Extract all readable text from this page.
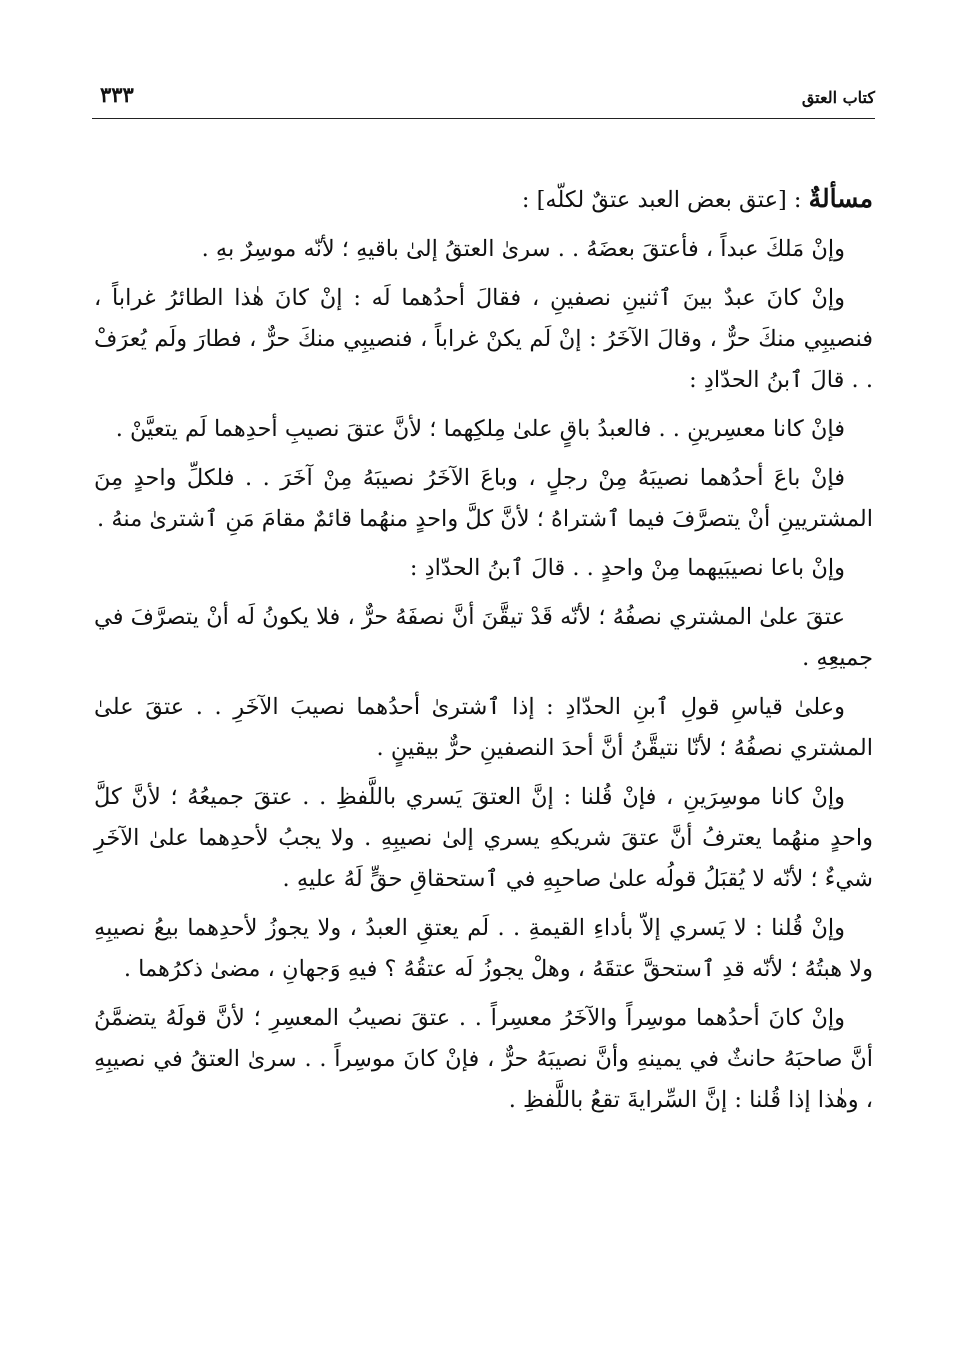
٣٣٣	كتاب العتق

مسألةٌ : [عتق بعض العبد عتقٌ لكلّه] :

وإنْ مَلكَ عبداً ، فأعتقَ بعضَهُ . . سرىٰ العتقُ إلىٰ باقيهِ ؛ لأنّه موسِرٌ بهِ .

وإنْ كانَ عبدٌ بينَ ٱثنينِ نصفينِ ، فقالَ أحدُهما لَه : إنْ كانَ هٰذا الطائرُ غراباً ، فنصيبِي منكَ حرٌّ ، وقالَ الآخَرُ : إنْ لَم يكنْ غراباً ، فنصيبِي منكَ حرٌّ ، فطارَ ولَم يُعرَفْ . . قالَ ٱبنُ الحدّادِ :

فإنْ كانا معسِرينِ . . فالعبدُ باقٍ علىٰ مِلكِهما ؛ لأنَّ عتقَ نصيبِ أحدِهما لَم يتعيَّنْ .

فإنْ باعَ أحدُهما نصيبَهُ مِنْ رجلٍ ، وباعَ الآخَرُ نصيبَهُ مِنْ آخَرَ . . فلكلِّ واحدٍ مِنَ المشتريينِ أنْ يتصرَّفَ فيما ٱشتراهُ ؛ لأنَّ كلَّ واحدٍ منهُما قائمٌ مقامَ مَنِ ٱشترىٰ منهُ .

وإنْ باعا نصيبَيهما مِنْ واحدٍ . . قالَ ٱبنُ الحدّادِ :

عتقَ علىٰ المشتري نصفُهُ ؛ لأنّه قَدْ تيقَّنَ أنَّ نصفَهُ حرٌّ ، فلا يكونُ لَه أنْ يتصرَّفَ في جميعِهِ .

وعلىٰ قياسِ قولِ ٱبنِ الحدّادِ : إذا ٱشترىٰ أحدُهما نصيبَ الآخَرِ . . عتقَ علىٰ المشتري نصفُهُ ؛ لأنّا نتيقَّنُ أنَّ أحدَ النصفينِ حرٌّ بيقينٍ .

وإنْ كانا موسِرَينِ ، فإنْ قُلنا : إنَّ العتقَ يَسري باللَّفظِ . . عتقَ جميعُهُ ؛ لأنَّ كلَّ واحدٍ منهُما يعترفُ أنَّ عتقَ شريكهِ يسري إلىٰ نصيبِهِ . ولا يجبُ لأحدِهما علىٰ الآخَرِ شيءٌ ؛ لأنّه لا يُقبَلُ قولُه علىٰ صاحبِهِ في ٱستحقاقِ حقٍّ لَهُ عليهِ .

وإنْ قُلنا : لا يَسري إلاّ بأداءِ القيمةِ . . لَم يعتقِ العبدُ ، ولا يجوزُ لأحدِهما بيعُ نصيبِهِ ولا هبتُهُ ؛ لأنّه قدِ ٱستحقَّ عتقَهُ ، وهلْ يجوزُ لَه عتقُهُ ؟ فيهِ وَجهانِ ، مضىٰ ذكرُهما .

وإنْ كانَ أحدُهما موسِراً والآخَرُ معسِراً . . عتقَ نصيبُ المعسِرِ ؛ لأنَّ قولَهُ يتضمَّنُ أنَّ صاحبَهُ حانثٌ في يمينهِ وأنَّ نصيبَهُ حرٌّ ، فإنْ كانَ موسِراً . . سرىٰ العتقُ في نصيبِهِ ، وهٰذا إذا قُلنا : إنَّ السِّرايةَ تقعُ باللَّفظِ .
